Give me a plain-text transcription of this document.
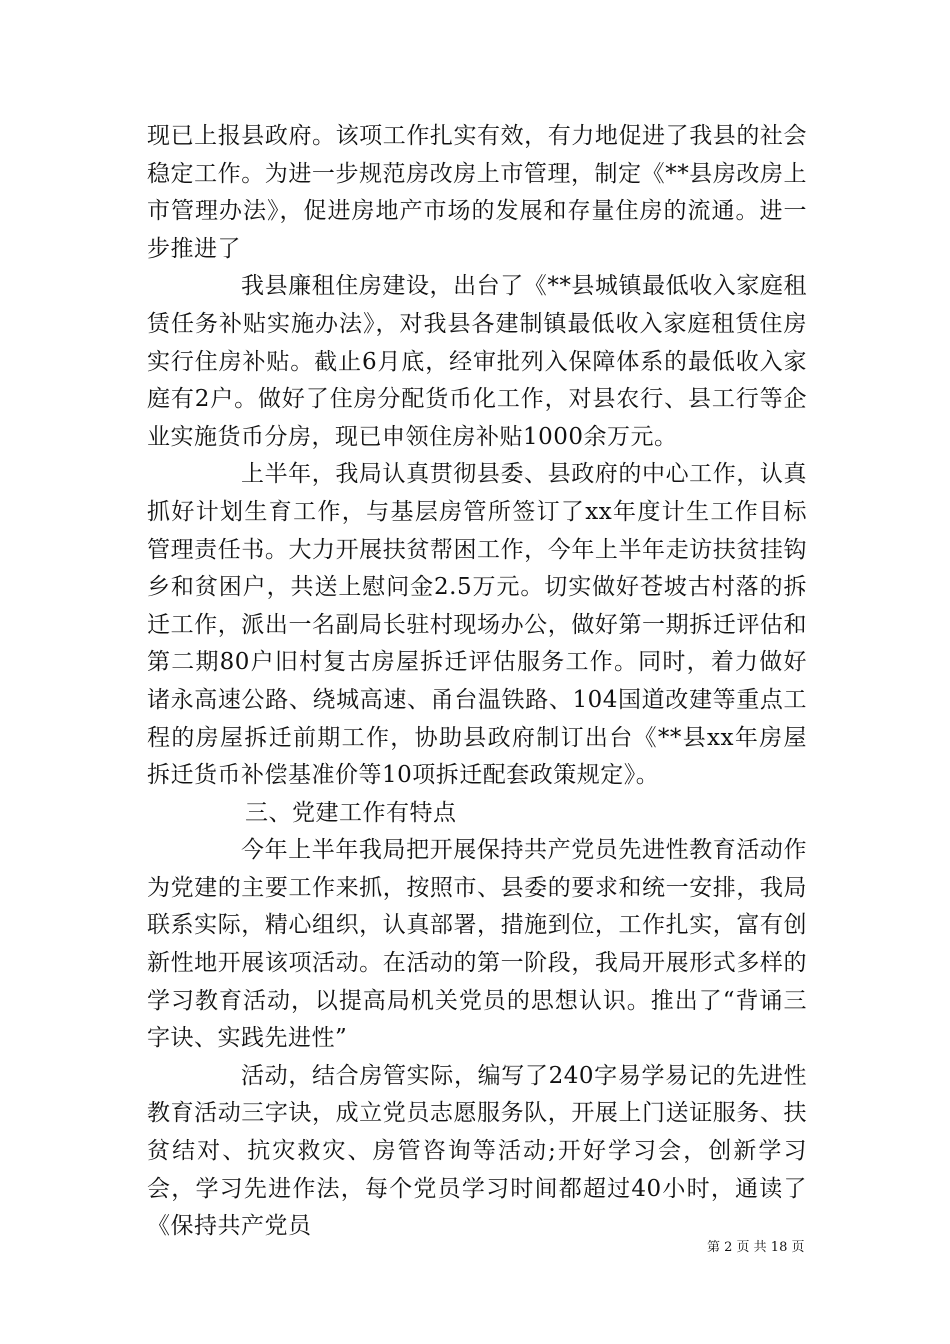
现已上报县政府。该项工作扎实有效，有力地促进了我县的社会稳定工作。为进一步规范房改房上市管理，制定《**县房改房上市管理办法》，促进房地产市场的发展和存量住房的流通。进一步推进了

我县廉租住房建设，出台了《**县城镇最低收入家庭租赁任务补贴实施办法》，对我县各建制镇最低收入家庭租赁住房实行住房补贴。截止6月底，经审批列入保障体系的最低收入家庭有2户。做好了住房分配货币化工作，对县农行、县工行等企业实施货币分房，现已申领住房补贴1000余万元。

上半年，我局认真贯彻县委、县政府的中心工作，认真抓好计划生育工作，与基层房管所签订了xx年度计生工作目标管理责任书。大力开展扶贫帮困工作，今年上半年走访扶贫挂钩乡和贫困户，共送上慰问金2.5万元。切实做好苍坡古村落的拆迁工作，派出一名副局长驻村现场办公，做好第一期拆迁评估和第二期80户旧村复古房屋拆迁评估服务工作。同时，着力做好诸永高速公路、绕城高速、甬台温铁路、104国道改建等重点工程的房屋拆迁前期工作，协助县政府制订出台《**县xx年房屋拆迁货币补偿基准价等10项拆迁配套政策规定》。

三、党建工作有特点

今年上半年我局把开展保持共产党员先进性教育活动作为党建的主要工作来抓，按照市、县委的要求和统一安排，我局联系实际，精心组织，认真部署，措施到位，工作扎实，富有创新性地开展该项活动。在活动的第一阶段，我局开展形式多样的学习教育活动，以提高局机关党员的思想认识。推出了“背诵三字诀、实践先进性”

活动，结合房管实际，编写了240字易学易记的先进性教育活动三字诀，成立党员志愿服务队，开展上门送证服务、扶贫结对、抗灾救灾、房管咨询等活动;开好学习会，创新学习会，学习先进作法，每个党员学习时间都超过40小时，通读了《保持共产党员

第 2 页 共 18 页
